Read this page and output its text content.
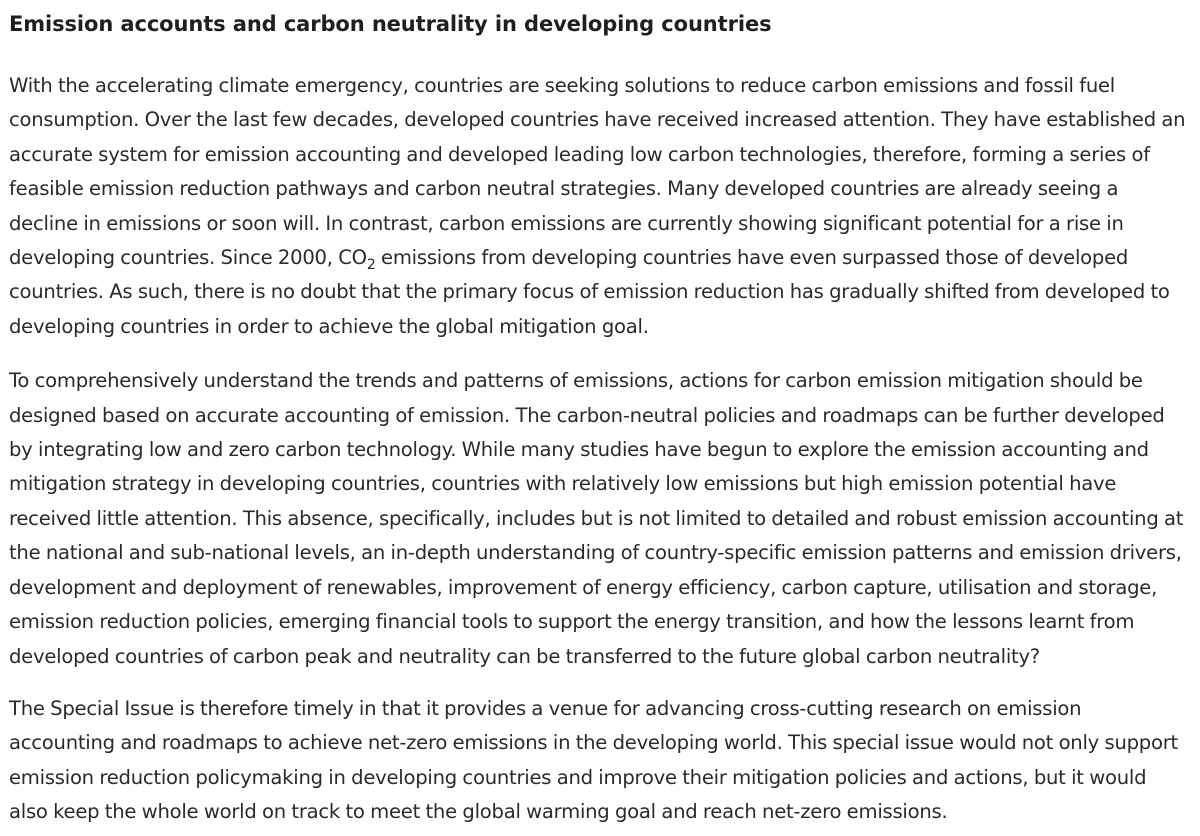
Emission accounts and carbon neutrality in developing countries

With the accelerating climate emergency, countries are seeking solutions to reduce carbon emissions and fossil fuel consumption. Over the last few decades, developed countries have received increased attention. They have established an accurate system for emission accounting and developed leading low carbon technologies, therefore, forming a series of feasible emission reduction pathways and carbon neutral strategies. Many developed countries are already seeing a decline in emissions or soon will. In contrast, carbon emissions are currently showing significant potential for a rise in developing countries. Since 2000, $CO_2$ emissions from developing countries have even surpassed those of developed countries. As such, there is no doubt that the primary focus of emission reduction has gradually shifted from developed to developing countries in order to achieve the global mitigation goal.

To comprehensively understand the trends and patterns of emissions, actions for carbon emission mitigation should be designed based on accurate accounting of emission. The carbon-neutral policies and roadmaps can be further developed by integrating low and zero carbon technology. While many studies have begun to explore the emission accounting and mitigation strategy in developing countries, countries with relatively low emissions but high emission potential have received little attention. This absence, specifically, includes but is not limited to detailed and robust emission accounting at the national and sub-national levels, an in-depth understanding of country-specific emission patterns and emission drivers, development and deployment of renewables, improvement of energy efficiency, carbon capture, utilisation and storage, emission reduction policies, emerging financial tools to support the energy transition, and how the lessons learnt from developed countries of carbon peak and neutrality can be transferred to the future global carbon neutrality?

The Special Issue is therefore timely in that it provides a venue for advancing cross-cutting research on emission accounting and roadmaps to achieve net-zero emissions in the developing world. This special issue would not only support emission reduction policymaking in developing countries and improve their mitigation policies and actions, but it would also keep the whole world on track to meet the global warming goal and reach net-zero emissions.
